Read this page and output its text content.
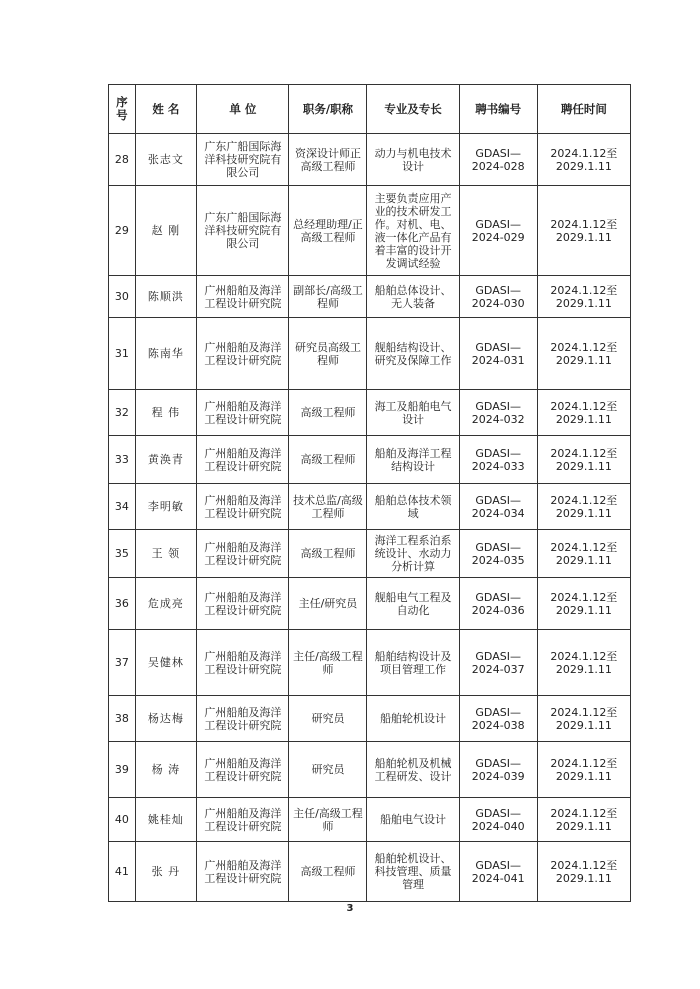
序号	姓 名	单 位	职务/职称	专业及专长	聘书编号	聘任时间
28	张志文	广东广船国际海洋科技研究院有限公司	资深设计师正高级工程师	动力与机电技术设计	GDASI—2024-028	2024.1.12至2029.1.11
29	赵 刚	广东广船国际海洋科技研究院有限公司	总经理助理/正高级工程师	主要负责应用产业的技术研发工作。对机、电、液一体化产品有着丰富的设计开发调试经验	GDASI—2024-029	2024.1.12至2029.1.11
30	陈顺洪	广州船舶及海洋工程设计研究院	副部长/高级工程师	船舶总体设计、无人装备	GDASI—2024-030	2024.1.12至2029.1.11
31	陈南华	广州船舶及海洋工程设计研究院	研究员高级工程师	舰船结构设计、研究及保障工作	GDASI—2024-031	2024.1.12至2029.1.11
32	程 伟	广州船舶及海洋工程设计研究院	高级工程师	海工及船舶电气设计	GDASI—2024-032	2024.1.12至2029.1.11
33	黄涣青	广州船舶及海洋工程设计研究院	高级工程师	船舶及海洋工程结构设计	GDASI—2024-033	2024.1.12至2029.1.11
34	李明敏	广州船舶及海洋工程设计研究院	技术总监/高级工程师	船舶总体技术领域	GDASI—2024-034	2024.1.12至2029.1.11
35	王 领	广州船舶及海洋工程设计研究院	高级工程师	海洋工程系泊系统设计、水动力分析计算	GDASI—2024-035	2024.1.12至2029.1.11
36	危成亮	广州船舶及海洋工程设计研究院	主任/研究员	舰船电气工程及自动化	GDASI—2024-036	2024.1.12至2029.1.11
37	吴健林	广州船舶及海洋工程设计研究院	主任/高级工程师	船舶结构设计及项目管理工作	GDASI—2024-037	2024.1.12至2029.1.11
38	杨达梅	广州船舶及海洋工程设计研究院	研究员	船舶轮机设计	GDASI—2024-038	2024.1.12至2029.1.11
39	杨 涛	广州船舶及海洋工程设计研究院	研究员	船舶轮机及机械工程研发、设计	GDASI—2024-039	2024.1.12至2029.1.11
40	姚桂灿	广州船舶及海洋工程设计研究院	主任/高级工程师	船舶电气设计	GDASI—2024-040	2024.1.12至2029.1.11
41	张 丹	广州船舶及海洋工程设计研究院	高级工程师	船舶轮机设计、科技管理、质量管理	GDASI—2024-041	2024.1.12至2029.1.11
3
